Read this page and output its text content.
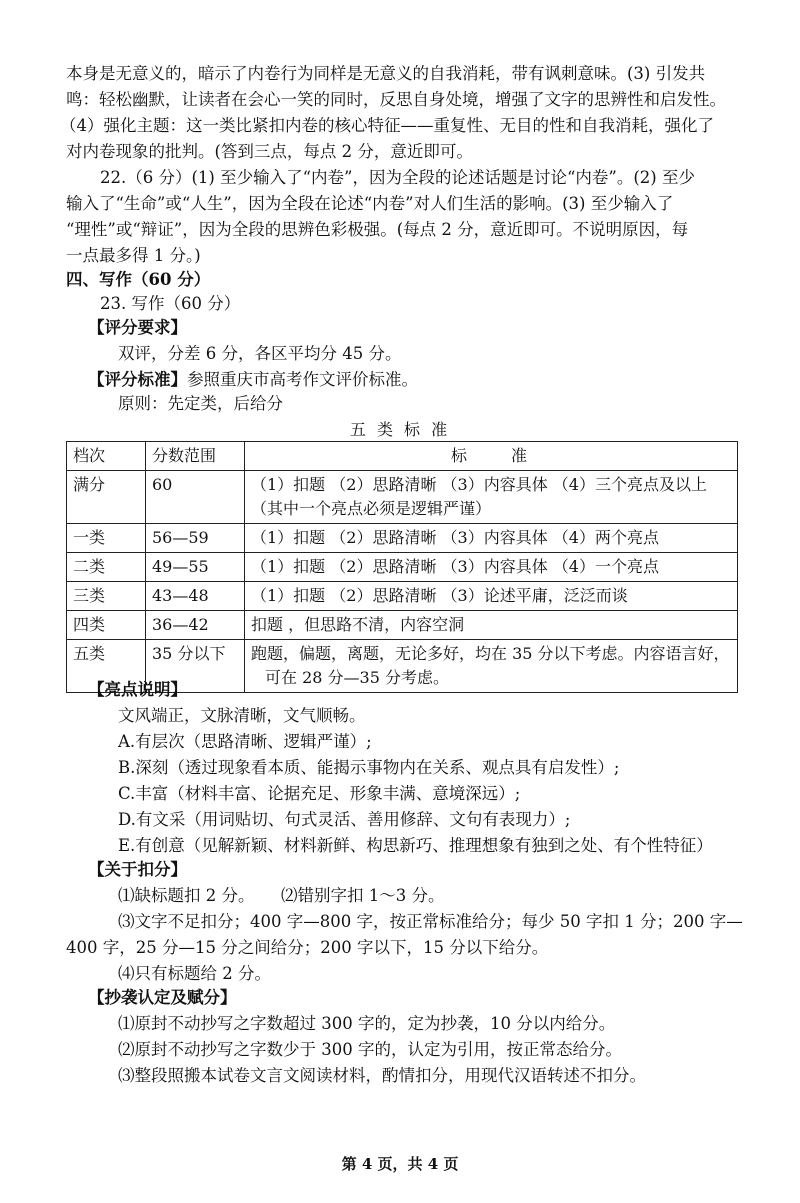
本身是无意义的，暗示了内卷行为同样是无意义的自我消耗，带有讽刺意味。(3) 引发共

鸣：轻松幽默，让读者在会心一笑的同时，反思自身处境，增强了文字的思辨性和启发性。

（4）强化主题：这一类比紧扣内卷的核心特征——重复性、无目的性和自我消耗，强化了

对内卷现象的批判。(答到三点，每点 2 分，意近即可。

22.（6 分）(1) 至少输入了“内卷”，因为全段的论述话题是讨论“内卷”。(2) 至少

输入了“生命”或“人生”，因为全段在论述“内卷”对人们生活的影响。(3) 至少输入了

“理性”或“辩证”，因为全段的思辨色彩极强。(每点 2 分，意近即可。不说明原因，每

一点最多得 1 分。)

四、写作（60 分）

23. 写作（60 分）

【评分要求】

双评，分差 6 分，各区平均分 45 分。

【评分标准】参照重庆市高考作文评价标准。

原则：先定类，后给分

五 类 标 准
档次	分数范围	标　　准
满分	60	（1）扣题 （2）思路清晰 （3）内容具体 （4）三个亮点及以上
（其中一个亮点必须是逻辑严谨）

一类	56—59	（1）扣题 （2）思路清晰 （3）内容具体 （4）两个亮点
二类	49—55	（1）扣题 （2）思路清晰 （3）内容具体 （4）一个亮点
三类	43—48	（1）扣题 （2）思路清晰 （3）论述平庸，泛泛而谈
四类	36—42	扣题 ，但思路不清，内容空洞
五类	35 分以下	跑题，偏题，离题，无论多好，均在 35 分以下考虑。内容语言好，
可在 28 分—35 分考虑。

【亮点说明】

文风端正，文脉清晰，文气顺畅。

A.有层次（思路清晰、逻辑严谨）;

B.深刻（透过现象看本质、能揭示事物内在关系、观点具有启发性）;

C.丰富（材料丰富、论据充足、形象丰满、意境深远）;

D.有文采（用词贴切、句式灵活、善用修辞、文句有表现力）;

E.有创意（见解新颖、材料新鲜、构思新巧、推理想象有独到之处、有个性特征）

【关于扣分】

⑴缺标题扣 2 分。 ⑵错别字扣 1～3 分。

⑶文字不足扣分；400 字—800 字，按正常标准给分；每少 50 字扣 1 分；200 字—

400 字，25 分—15 分之间给分；200 字以下，15 分以下给分。

⑷只有标题给 2 分。

【抄袭认定及赋分】

⑴原封不动抄写之字数超过 300 字的，定为抄袭，10 分以内给分。

⑵原封不动抄写之字数少于 300 字的，认定为引用，按正常态给分。

⑶整段照搬本试卷文言文阅读材料，酌情扣分，用现代汉语转述不扣分。

第 4 页，共 4 页
